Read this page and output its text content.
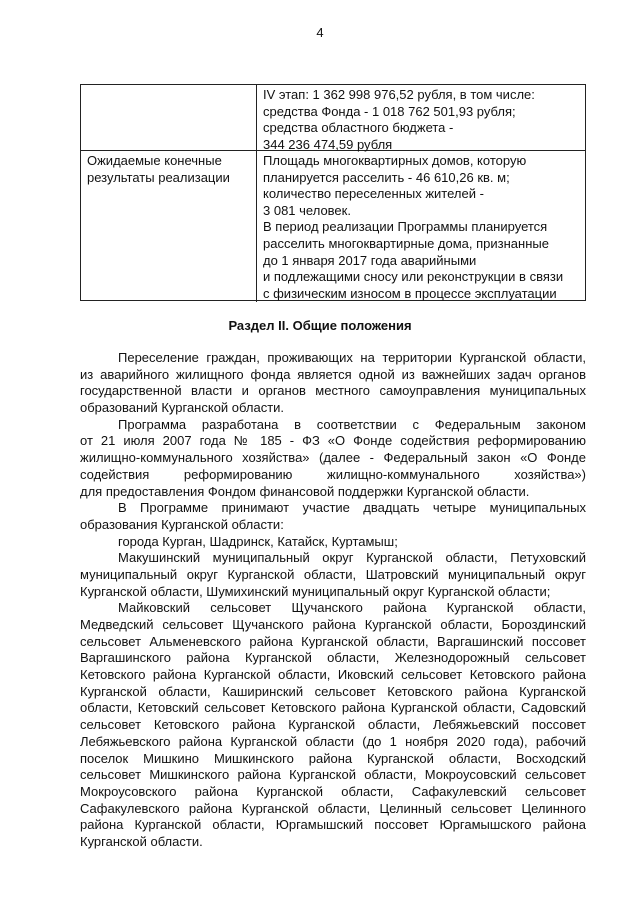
4
IV этап: 1 362 998 976,52 рубля, в том числе:
средства Фонда - 1 018 762 501,93 рубля;
средства областного бюджета -
344 236 474,59 рубля
Ожидаемые конечные
результаты реализации
Площадь многоквартирных домов, которую
планируется расселить - 46 610,26 кв. м;
количество переселенных жителей -
3 081 человек.
В период реализации Программы планируется
расселить многоквартирные дома, признанные
до 1 января 2017 года аварийными
и подлежащими сносу или реконструкции в связи
с физическим износом в процессе эксплуатации
Раздел II. Общие положения
Переселение граждан, проживающих на территории Курганской области,
из аварийного жилищного фонда является одной из важнейших задач органов
государственной власти и органов местного самоуправления муниципальных
образований Курганской области.
Программа разработана в соответствии с Федеральным законом
от 21 июля 2007 года № 185 - ФЗ «О Фонде содействия реформированию
жилищно-коммунального хозяйства» (далее - Федеральный закон «О Фонде
содействия реформированию жилищно-коммунального хозяйства»)
для предоставления Фондом финансовой поддержки Курганской области.
В Программе принимают участие двадцать четыре муниципальных
образования Курганской области:
города Курган, Шадринск, Катайск, Куртамыш;
Макушинский муниципальный округ Курганской области, Петуховский
муниципальный округ Курганской области, Шатровский муниципальный округ
Курганской области, Шумихинский муниципальный округ Курганской области;
Майковский сельсовет Щучанского района Курганской области,
Медведский сельсовет Щучанского района Курганской области, Бороздинский
сельсовет Альменевского района Курганской области, Варгашинский поссовет
Варгашинского района Курганской области, Железнодорожный сельсовет
Кетовского района Курганской области, Иковский сельсовет Кетовского района
Курганской области, Каширинский сельсовет Кетовского района Курганской
области, Кетовский сельсовет Кетовского района Курганской области, Садовский
сельсовет Кетовского района Курганской области, Лебяжьевский поссовет
Лебяжьевского района Курганской области (до 1 ноября 2020 года), рабочий
поселок Мишкино Мишкинского района Курганской области, Восходский
сельсовет Мишкинского района Курганской области, Мокроусовский сельсовет
Мокроусовского района Курганской области, Сафакулевский сельсовет
Сафакулевского района Курганской области, Целинный сельсовет Целинного
района Курганской области, Юргамышский поссовет Юргамышского района
Курганской области.
